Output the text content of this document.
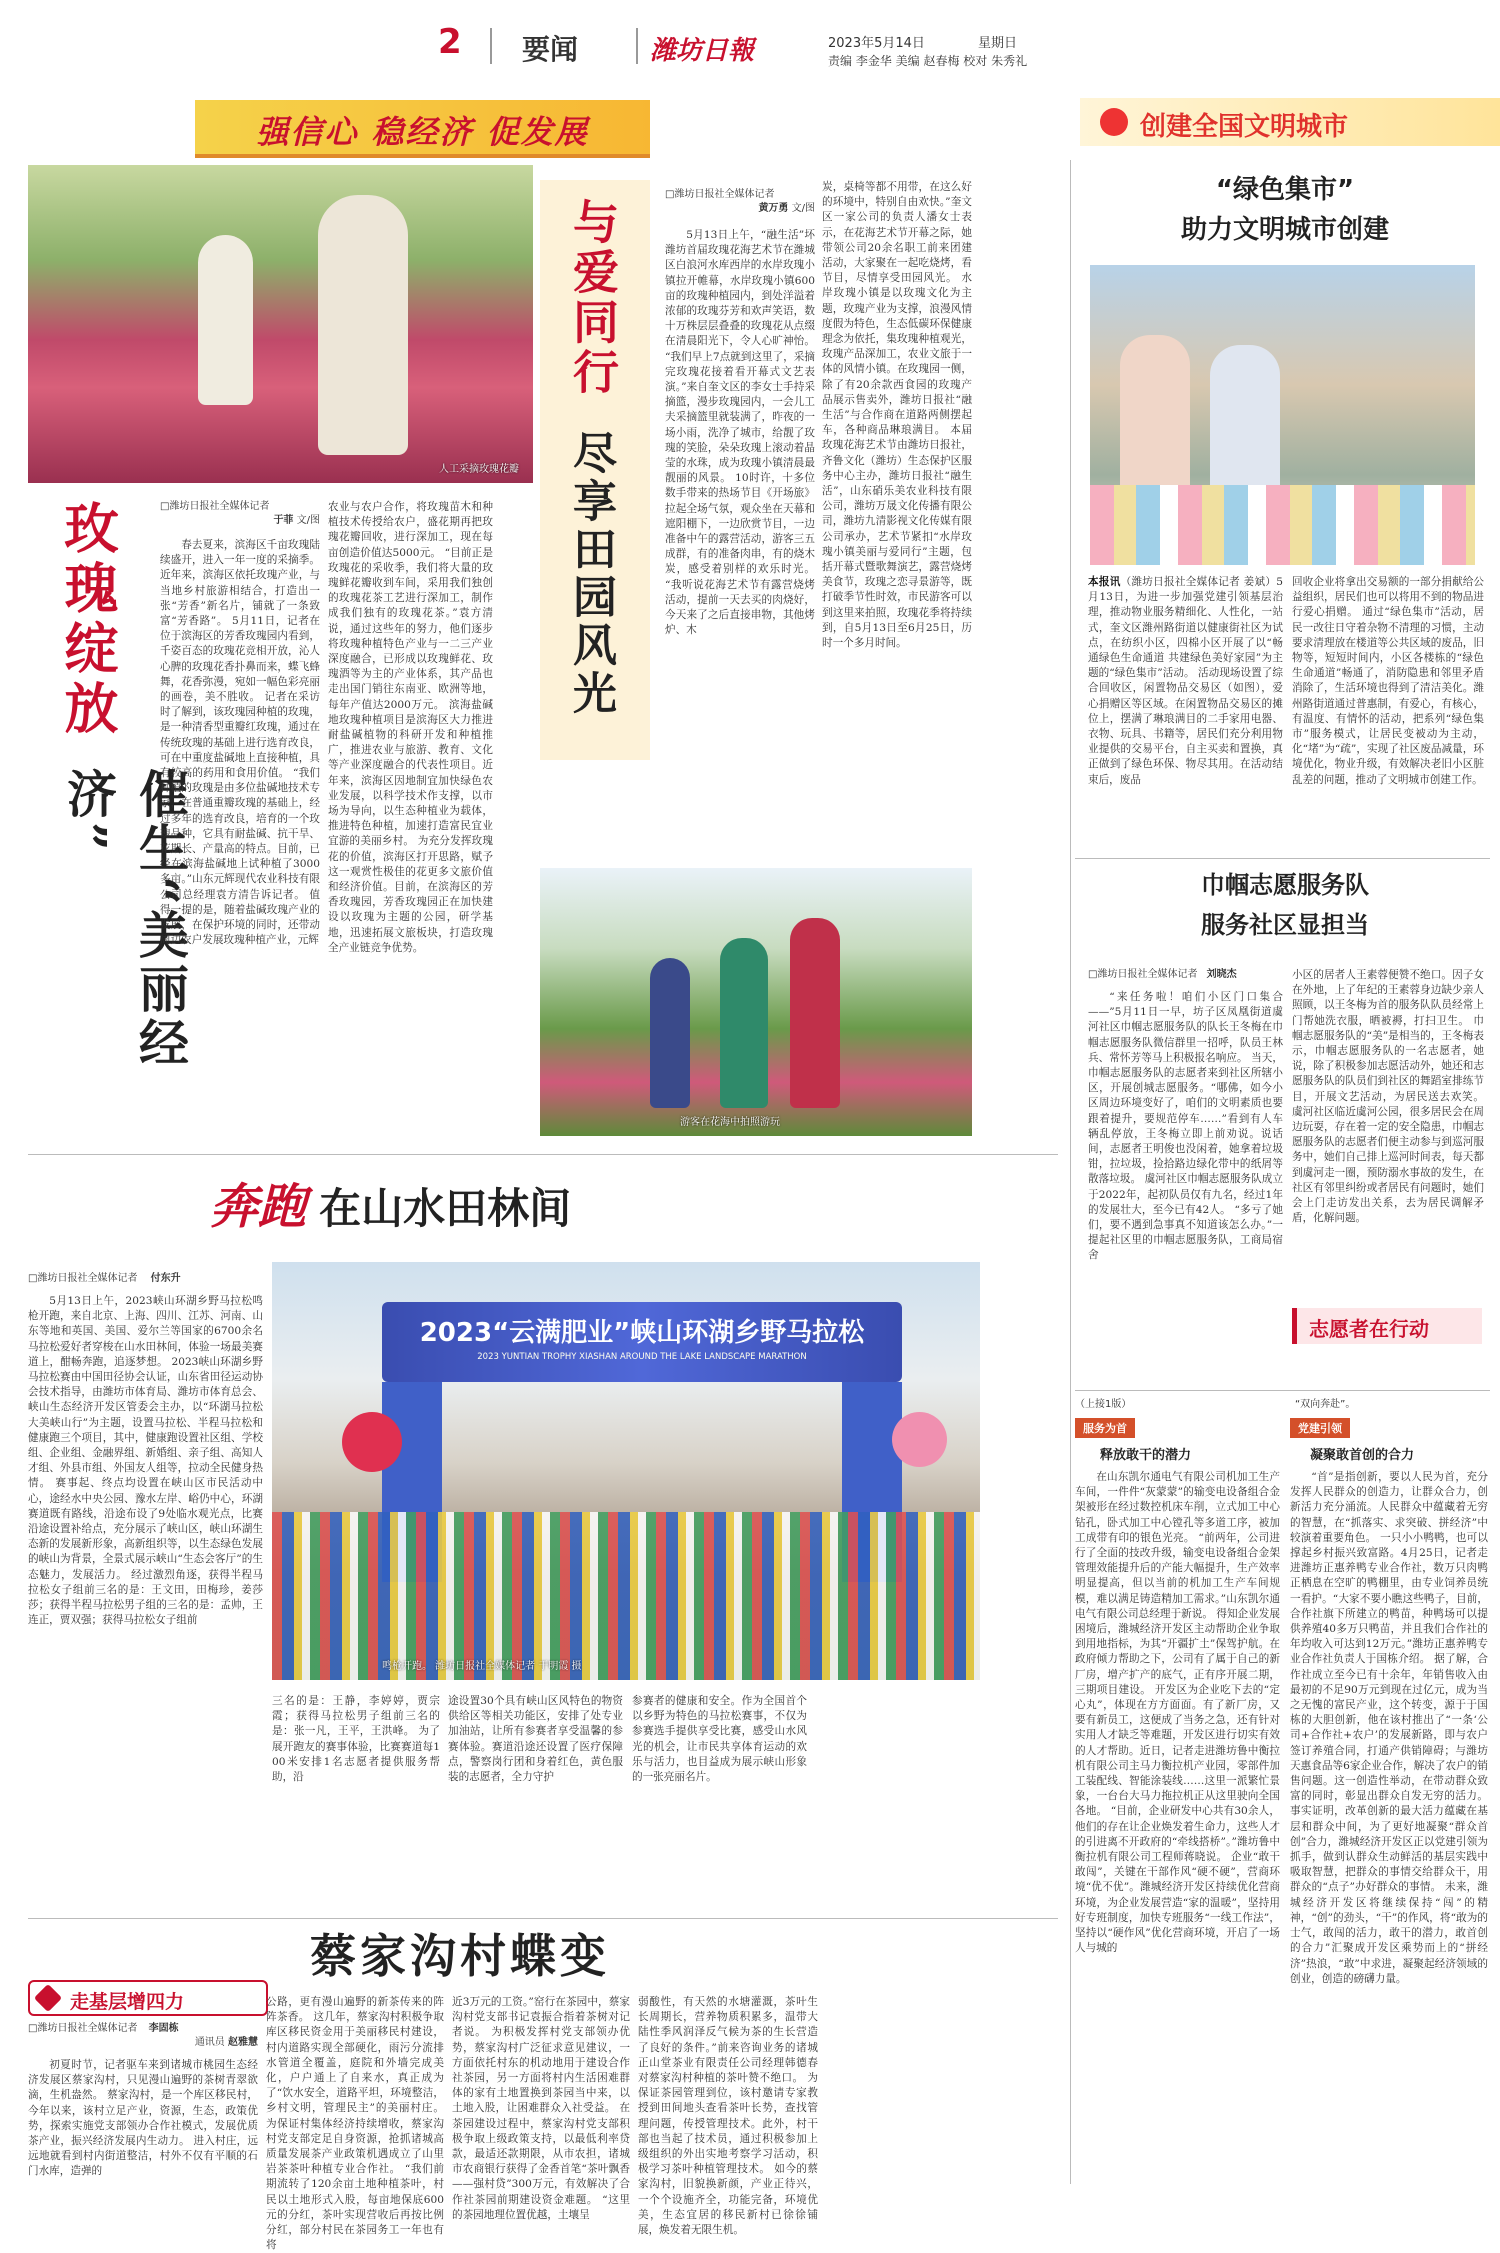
2 要闻	潍坊日報	2023年5月14日	星期日
责编 李金华 美编 赵春梅 校对 朱秀礼
强信心 稳经济 促发展	创建全国文明城市
人工采摘玫瑰花瓣
玫瑰绽放
催生“美丽经济”
□潍坊日报社全媒体记者
于菲 文/图
春去夏来，滨海区千亩玫瑰陆续盛开，进入一年一度的采摘季。近年来，滨海区依托玫瑰产业，与当地乡村旅游相结合，打造出一张“芳香”新名片，铺就了一条致富“芳香路”。 5月11日，记者在位于滨海区的芳香玫瑰园内看到，千姿百态的玫瑰花竞相开放，沁人心脾的玫瑰花香扑鼻而来，蝶飞蜂舞，花香弥漫，宛如一幅色彩亮丽的画卷，美不胜收。 记者在采访时了解到，该玫瑰园种植的玫瑰，是一种清香型重瓣红玫瑰，通过在传统玫瑰的基础上进行选育改良，可在中重度盐碱地上直接种植，具有较高的药用和食用价值。 “我们种植的玫瑰是由多位盐碱地技术专家，在普通重瓣玫瑰的基础上，经过多年的选育改良，培育的一个玫瑰品种，它具有耐盐碱、抗干旱、花期长、产量高的特点。目前，已经在滨海盐碱地上试种植了3000多亩。”山东元辉现代农业科技有限公司总经理袁方清告诉记者。 值得一提的是，随着盐碱玫瑰产业的发展，在保护环境的同时，还带动周边农户发展玫瑰种植产业，元辉
农业与农户合作，将玫瑰苗木和种植技术传授给农户，盛花期再把玫瑰花瓣回收，进行深加工，现在每亩创造价值达5000元。 “目前正是玫瑰花的采收季，我们将大量的玫瑰鲜花瓣收到车间，采用我们独创的玫瑰花茶工艺进行深加工，制作成我们独有的玫瑰花茶。”袁方清说，通过这些年的努力，他们逐步将玫瑰种植特色产业与一二三产业深度融合，已形成以玫瑰鲜花、玫瑰酒等为主的产业体系，其产品也走出国门销往东南亚、欧洲等地，每年产值达2000万元。 滨海盐碱地玫瑰种植项目是滨海区大力推进耐盐碱植物的科研开发和种植推广，推进农业与旅游、教育、文化等产业深度融合的代表性项目。近年来，滨海区因地制宜加快绿色农业发展，以科学技术作支撑，以市场为导向，以生态种植业为载体，推进特色种植，加速打造富民宜业宜游的美丽乡村。 为充分发挥玫瑰花的价值，滨海区打开思路，赋予这一观赏性极佳的花更多文旅价值和经济价值。目前，在滨海区的芳香玫瑰园，芳香玫瑰园正在加快建设以玫瑰为主题的公园，研学基地，迅速拓展文旅板块，打造玫瑰全产业链竞争优势。
与爱同行
尽享田园风光
□潍坊日报社全媒体记者
黄万勇 文/图
5月13日上午，“融生活”坏潍坊首届玫瑰花海艺术节在潍城区白浪河水库西岸的水岸玫瑰小镇拉开帷幕，水岸玫瑰小镇600亩的玫瑰种植园内，到处洋溢着浓郁的玫瑰芬芳和欢声笑语，数十万株层层叠叠的玫瑰花从点缀在清晨阳光下，令人心旷神怡。 “我们早上7点就到这里了，采摘完玫瑰花接着看开幕式文艺表演。”来自奎文区的李女士手持采摘篮，漫步玫瑰园内，一会儿工夫采摘篮里就装满了，昨夜的一场小雨，洗净了城市，给靓了玫瑰的笑脸，朵朵玫瑰上滚动着晶莹的水珠，成为玫瑰小镇清晨最靓丽的风景。 10时许，十多位数手带来的热场节目《开场旅》拉起全场气氛，观众坐在天幕和遮阳棚下，一边欣赏节目，一边准备中午的露营活动，游客三五成群，有的准备肉串，有的烧木炭，感受着别样的欢乐时光。 “我听说花海艺术节有露营烧烤活动，提前一天去买的肉烧好，今天来了之后直接串物，其他烤炉、木
炭，桌椅等都不用带，在这么好的环境中，特别自由欢快。”奎文区一家公司的负责人潘女士表示，在花海艺术节开幕之际，她带领公司20余名职工前来团建活动，大家聚在一起吃烧烤，看节目，尽情享受田园风光。 水岸玫瑰小镇是以玫瑰文化为主题，玫瑰产业为支撑，浪漫风情度假为特色，生态低碳环保健康理念为依托，集玫瑰种植观光，玫瑰产品深加工，农业文旅于一体的风情小镇。在玫瑰园一侧，除了有20余款西食园的玫瑰产品展示售卖外，潍坊日报社“融生活”与合作商在道路两侧摆起车，各种商品琳琅满目。 本届玫瑰花海艺术节由潍坊日报社，齐鲁文化（潍坊）生态保护区服务中心主办，潍坊日报社“融生活”，山东硝乐美农业科技有限公司，潍坊万晟文化传播有限公司，潍坊九清影视文化传媒有限公司承办，艺术节紧扣“水岸玫瑰小镇美丽与爱同行”主题，包括开幕式暨歌舞演艺，露营烧烤美食节，玫瑰之恋寻景游等，既打破季节性时效，市民游客可以到这里来拍照，玫瑰花季将持续到，自5月13日至6月25日，历时一个多月时间。
游客在花海中拍照游玩
奔跑 在山水田林间
□潍坊日报社全媒体记者 付东升
5月13日上午，2023峡山环湖乡野马拉松鸣枪开跑，来自北京、上海、四川、江苏、河南、山东等地和英国、美国、爱尔兰等国家的6700余名马拉松爱好者穿梭在山水田林间，体验一场最美赛道上，酣畅奔跑，追逐梦想。 2023峡山环湖乡野马拉松赛由中国田径协会认证，山东省田径运动协会技术指导，由潍坊市体育局、潍坊市体育总会、峡山生态经济开发区管委会主办，以“环湖马拉松 大美峡山行”为主题，设置马拉松、半程马拉松和健康跑三个项目，其中，健康跑设置社区组、学校组、企业组、金融界组、新婚组、亲子组、高知人才组、外县市组、外国友人组等，拉动全民健身热情。 赛事起、终点均设置在峡山区市民活动中心，途经水中央公园、豫水左岸、峪仍中心，环湖赛道既有路线，沿途布设了9处临水观光点，比赛沿途设置补给点，充分展示了峡山区，峡山环湖生态新的发展新形象，高新组织等，以生态绿色发展的峡山为背景，全景式展示峡山“生态会客厅”的生态魅力，发展活力。 经过激烈角逐，获得半程马拉松女子组前三名的是：王文田，田梅珍，姜莎莎；获得半程马拉松男子组的三名的是：孟帅，王连正，贾双强；获得马拉松女子组前
2023“云满肥业”峡山环湖乡野马拉松
2023 YUNTIAN TROPHY XIASHAN AROUND THE LAKE LANDSCAPE MARATHON
鸣枪开跑。 潍坊日报社全媒体记者 于明霞 摄
三名的是：王静，李婷婷，贾宗霞；获得马拉松男子组前三名的是：张一凡，王平，王洪峰。 为了展开跑友的赛事体验，比赛赛道每100米安排1名志愿者提供服务帮助，沿
途设置30个具有峡山区风特色的物资供给区等相关功能区，安排了处专业加油站，让所有参赛者享受温馨的参赛体验。赛道沿途还设置了医疗保障点，警察岗行团和身着红色，黄色服装的志愿者，全力守护
参赛者的健康和安全。作为全国首个以乡野为特色的马拉松赛事，不仅为参赛选手提供享受比赛，感受山水风光的机会，让市民共享体育运动的欢乐与活力，也目益成为展示峡山形象的一张亮丽名片。
蔡家沟村蝶变
走基层增四力
□潍坊日报社全媒体记者 李固栋
通讯员 赵雅慧
初夏时节，记者驱车来到诸城市桃园生态经济发展区蔡家沟村，只见漫山遍野的茶树青翠欲滴，生机盎然。 蔡家沟村，是一个库区移民村，今年以来，该村立足产业，资源，生态，政策优势，探索实施党支部领办合作社模式，发展优质茶产业，振兴经济发展内生动力。 进入村庄，远远地就看到村内街道整洁，村外不仅有平顺的石门水库，造弹的
公路，更有漫山遍野的新茶传来的阵阵茶香。 这几年，蔡家沟村积极争取库区移民资金用于美丽移民村建设，村内道路实现全部硬化，雨污分流排水管道全覆盖，庭院和外墙完成美化，户户通上了自来水，真正成为了“饮水安全，道路平坦，环境整洁，乡村文明，管理民主”的美丽村庄。 为保证村集体经济持续增收，蔡家沟村党支部定足自身资源，抢抓诸城高质量发展茶产业政策机遇成立了山里岩茶茶叶种植专业合作社。 “我们前期流转了120余亩土地种植茶叶，村民以土地形式入股，每亩地保底600元的分红，茶叶实现营收后再按比例分红，部分村民在茶园务工一年也有将
近3万元的工资。”窑行在茶园中，蔡家沟村党支部书记袁振合指着茶树对记者说。 为积极发挥村党支部领办优势，蔡家沟村广泛征求意见建议，一方面依托村东的机动地用于建设合作社茶园，另一方面将村内生活困难群体的家有土地置换到茶园当中来，以土地入股，让困难群众入社受益。 在茶园建设过程中，蔡家沟村党支部积极争取上级政策支持，以最低利率贷款，最适还款期限，从市农担，诸城市农商银行获得了金香首笔“茶叶飘香——强村贷”300万元，有效解决了合作社茶园前期建设资金难题。 “这里的茶园地理位置优越，土壤呈
弱酸性，有天然的水塘灌溉，茶叶生长周期长，营养物质积累多，温带大陆性季风润泽反气候为茶的生长营造了良好的条件。”前来咨询业务的诸城正山堂茶业有限责任公司经理韩德春对蔡家沟村种植的茶叶赞不绝口。 为保证茶园管理到位，该村邀请专家教授到田间地头查看茶叶长势，查找管理问题，传授管理技术。此外，村干部也当起了技术员，通过积极参加上级组织的外出实地考察学习活动，积极学习茶叶种植管理技术。 如今的蔡家沟村，旧貌换新颜，产业正待兴，一个个设施齐全，功能完备，环境优美，生态宜居的移民新村已徐徐铺展，焕发着无限生机。
“绿色集市”
助力文明城市创建
本报讯（潍坊日报社全媒体记者 姜斌）5月13日，为进一步加强党建引领基层治理，推动物业服务精细化、人性化，一站式，奎文区潍州路街道以健康街社区为试点，在纺织小区，四棉小区开展了以“畅通绿色生命通道 共建绿色美好家园”为主题的“绿色集市”活动。 活动现场设置了综合回收区，闲置物品交易区（如图），爱心捐赠区等区域。在闲置物品交易区的摊位上，摆满了琳琅满目的二手家用电器、衣物、玩具、书籍等，居民们充分利用物业提供的交易平台，自主买卖和置换，真正做到了绿色环保、物尽其用。在活动结束后，废品
回收企业将拿出交易额的一部分捐献给公益组织，居民们也可以将用不到的物品进行爱心捐赠。 通过“绿色集市”活动，居民一改往日守着杂物不清理的习惯，主动要求清理放在楼道等公共区域的废品，旧物等，短短时间内，小区各楼栋的“绿色生命通道”畅通了，消防隐患和邻里矛盾消除了，生活环境也得到了清洁美化。潍州路街道通过普惠制，有爱心，有核心，有温度、有情怀的活动，把系列“绿色集市”服务模式，让居民变被动为主动，化“堵”为“疏”，实现了社区废品减量，环境优化，物业升级，有效解决老旧小区脏乱差的问题，推动了文明城市创建工作。
巾帼志愿服务队
服务社区显担当
□潍坊日报社全媒体记者 刘晓杰
“来任务啦！咱们小区门口集合——”5月11日一早，坊子区凤凰街道虞河社区巾帼志愿服务队的队长王冬梅在巾帼志愿服务队微信群里一招呼，队员王林兵、常怀芳等马上积极报名响应。 当天，巾帼志愿服务队的志愿者来到社区所辖小区，开展创城志愿服务。“哪佛，如今小区周边环境变好了，咱们的文明素质也要跟着提升，要规范停车……”看到有人车辆乱停放，王冬梅立即上前劝说。说话间，志愿者王明俊也没闲着，她拿着垃圾钳，拉垃圾，捡拾路边绿化带中的纸屑等散落垃圾。 虞河社区巾帼志愿服务队成立于2022年，起初队员仅有九名，经过1年的发展壮大，至今已有42人。 “多亏了她们，要不遇到急事真不知道该怎么办。”一提起社区里的巾帼志愿服务队，工商局宿舍
小区的居者人王素蓉便赞不绝口。因子女在外地，上了年纪的王素蓉身边缺少亲人照顾，以王冬梅为首的服务队队员经常上门帮她洗衣服，晒被褥，打扫卫生。 巾帼志愿服务队的“美”是相当的，王冬梅表示，巾帼志愿服务队的一名志愿者，她说，除了积极参加志愿活动外，她还和志愿服务队的队员们到社区的舞蹈室排练节目，开展文艺活动，为居民送去欢笑。 虞河社区临近虞河公园，很多居民会在周边玩耍，存在着一定的安全隐患，巾帼志愿服务队的志愿者们便主动参与到巡河服务中，她们自己排上巡河时间表，每天都到虞河走一圈，预防溺水事故的发生，在社区有邻里纠纷或者居民有问题时，她们会上门走访发出关系，去为居民调解矛盾，化解问题。
志愿者在行动
（上接1版）	“双向奔赴”。
服务为首
释放敢干的潜力
党建引领
凝聚敢首创的合力
在山东凯尔通电气有限公司机加工生产车间，一件件“灰蒙蒙”的输变电设备组合金架被形在经过数控机床车削，立式加工中心钻孔，卧式加工中心镗孔等多道工序，被加工成带有印的银色光亮。 “前两年，公司进行了全面的技改升级，输变电设备组合金架管理效能提升后的产能大幅提升，生产效率明显提高，但以当前的机加工生产车间规模，难以满足铸造精加工需求。”山东凯尔通电气有限公司总经理于新说。 得知企业发展困境后，潍城经济开发区主动帮助企业争取到用地指标，为其“开疆扩土”保驾护航。在政府倾力帮助之下，公司有了属于自己的新厂房，增产扩产的底气，正有序开展二期，三期项目建设。 开发区为企业吃下去的“定心丸”，体现在方方面面。有了新厂房，又要有新员工，这便成了当务之急，还有针对实用人才缺乏等难题，开发区进行切实有效的人才帮助。近日，记者走进潍坊鲁中衡拉机有限公司主马力衡拉机产业园，零部件加工装配线、智能涂装线……这里一派繁忙景象，一台台大马力拖拉机正从这里驶向全国各地。 “目前，企业研发中心共有30余人，他们的存在让企业焕发着生命力，这些人才的引进离不开政府的“牵线搭桥”。”潍坊鲁中衡拉机有限公司工程师蒋晓说。 企业“敢干敢闯”，关键在干部作风“硬不硬”，营商环境“优不优”。潍城经济开发区持续优化营商环境，为企业发展营造“家的温暖”，坚持用好专班制度，加快专班服务“一线工作法”，坚持以“硬作风”优化营商环境，开启了一场人与城的
“首”是指创新，要以人民为首，充分发挥人民群众的创造力，让群众合力，创新活力充分涌流。人民群众中蕴藏着无穷的智慧，在“抓落实、求突破、拼经济”中较演着重要角色。 一只小小鸭鸭，也可以撑起乡村振兴致富路。4月25日，记者走进潍坊正惠养鸭专业合作社，数万只肉鸭正栖息在空旷的鸭棚里，由专业饲养员统一看护。“大家不要小瞧这些鸭子，目前，合作社旗下所建立的鸭苗，种鸭场可以提供养殖40多万只鸭苗，并且我们合作社的年均收入可达到12万元。”潍坊正惠养鸭专业合作社负责人于国栋介绍。 据了解，合作社成立至今已有十余年，年销售收入由最初的不足90万元到现在过亿元，成为当之无愧的富民产业，这个转变，源于于国栋的大胆创新，他在该村推出了“一条‘公司+合作社+农户’的发展新路，即与农户签订养殖合同，打通产供销障碍；与潍坊天惠食品等6家企业合作，解决了农户的销售问题。这一创造性举动，在带动群众致富的同时，彰显出群众自发无穷的活力。 事实证明，改革创新的最大活力蕴藏在基层和群众中间，为了更好地凝聚“群众首创”合力，潍城经济开发区正以党建引领为抓手，做到认群众生动鲜活的基层实践中吸取智慧，把群众的事情交给群众干，用群众的“点子”办好群众的事情。 未来，潍城经济开发区将继续保持“闯”的精神，“创”的劲头，“干”的作风，将“敢为的士气，敢闯的活力，敢干的潜力，敢首创的合力”汇聚成开发区乘势而上的“拼经济”热浪，“敢”中求进，凝聚起经济领域的创业，创造的磅礴力量。
